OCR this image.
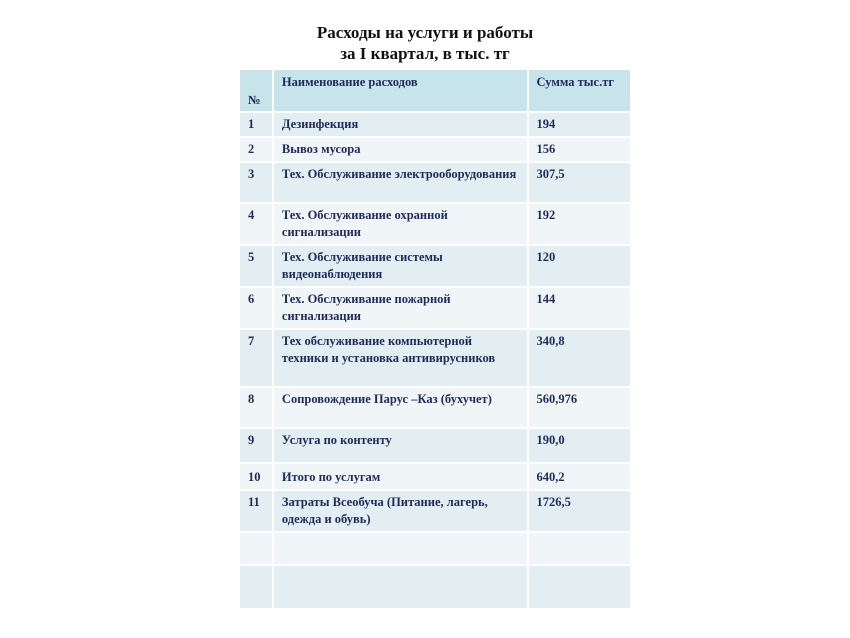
Расходы на услуги и работы
за I квартал, в тыс. тг
№	Наименование расходов	Сумма тыс.тг
1	Дезинфекция	194
2	Вывоз мусора	156
3	Тех. Обслуживание электрооборудования	307,5
4	Тех. Обслуживание охранной сигнализации	192
5	Тех. Обслуживание системы видеонаблюдения	120
6	Тех. Обслуживание пожарной сигнализации	144
7	Тех обслуживание компьютерной техники и установка антивирусников	340,8
8	Сопровождение Парус –Каз (бухучет)	560,976
9	Услуга по контенту	190,0
10	Итого по услугам	640,2
11	Затраты Всеобуча (Питание, лагерь, одежда и обувь)	1726,5
